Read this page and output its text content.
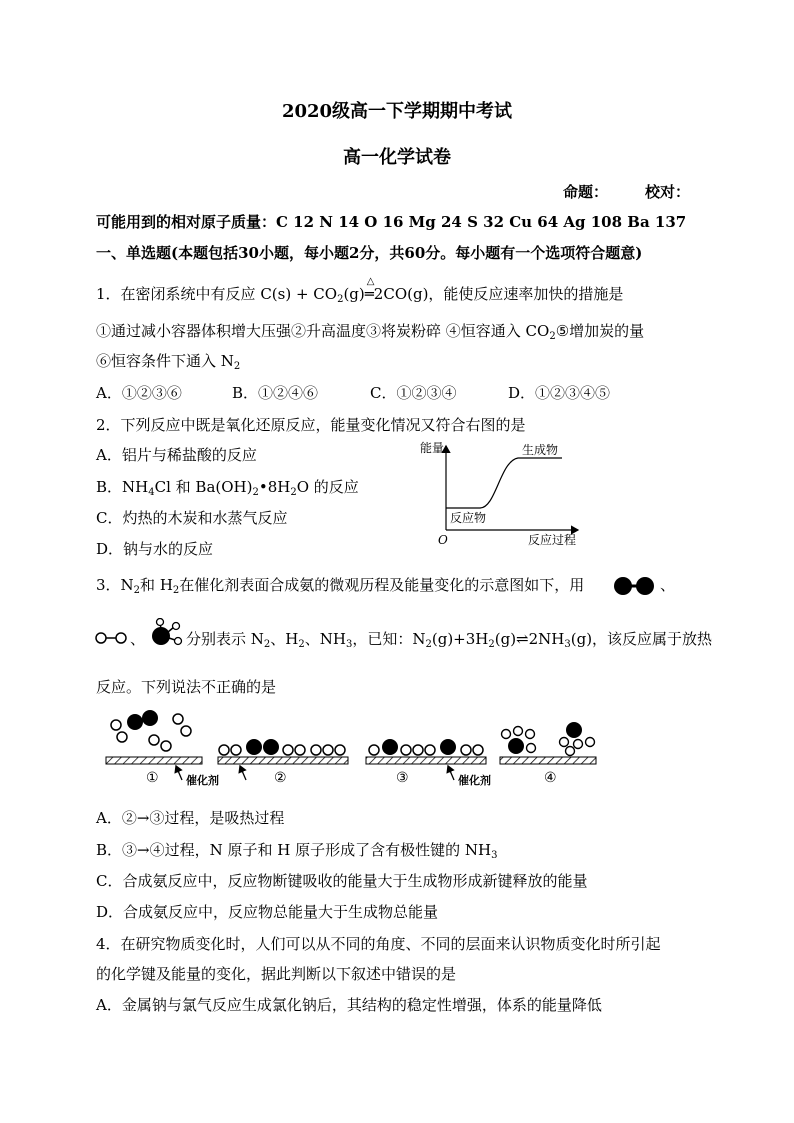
2020级高一下学期期中考试
高一化学试卷
命题： 校对：
可能用到的相对原子质量：C 12 N 14 O 16 Mg 24 S 32 Cu 64 Ag 108 Ba 137
一、单选题(本题包括30小题，每小题2分，共60分。每小题有一个选项符合题意)
1．在密闭系统中有反应 $C(s) + CO_2(g)$
△
═2CO(g)，能使反应速率加快的措施是
①通过减小容器体积增大压强②升高温度③将炭粉碎 ④恒容通入 $CO_2⑤$增加炭的量
⑥恒容条件下通入 $N_2$
A．①②③⑥	B．①②④⑥	C．①②③④	D．①②③④⑤
2．下列反应中既是氧化还原反应，能量变化情况又符合右图的是
A．铝片与稀盐酸的反应
B．$NH_4Cl$ 和 $Ba(OH)_2•8H_2O$ 的反应
C．灼热的木炭和水蒸气反应
D．钠与水的反应
能量	生成物
反应物
O	反应过程
3．$N_2$和 $H_2$在催化剂表面合成氨的微观历程及能量变化的示意图如下，用	、
、	分别表示 $N_2$、$H_2$、$NH_3$，已知：$N_2(g)+3H_2(g)\rightleftharpoons 2NH_3(g)$，该反应属于放热
反应。下列说法不正确的是
① 催化剂	②	③	催化剂	④
A．②→③过程，是吸热过程
B．③→④过程，N 原子和 H 原子形成了含有极性键的 $NH_3$
C．合成氨反应中，反应物断键吸收的能量大于生成物形成新键释放的能量
D．合成氨反应中，反应物总能量大于生成物总能量
4．在研究物质变化时，人们可以从不同的角度、不同的层面来认识物质变化时所引起
的化学键及能量的变化，据此判断以下叙述中错误的是
A．金属钠与氯气反应生成氯化钠后，其结构的稳定性增强，体系的能量降低
